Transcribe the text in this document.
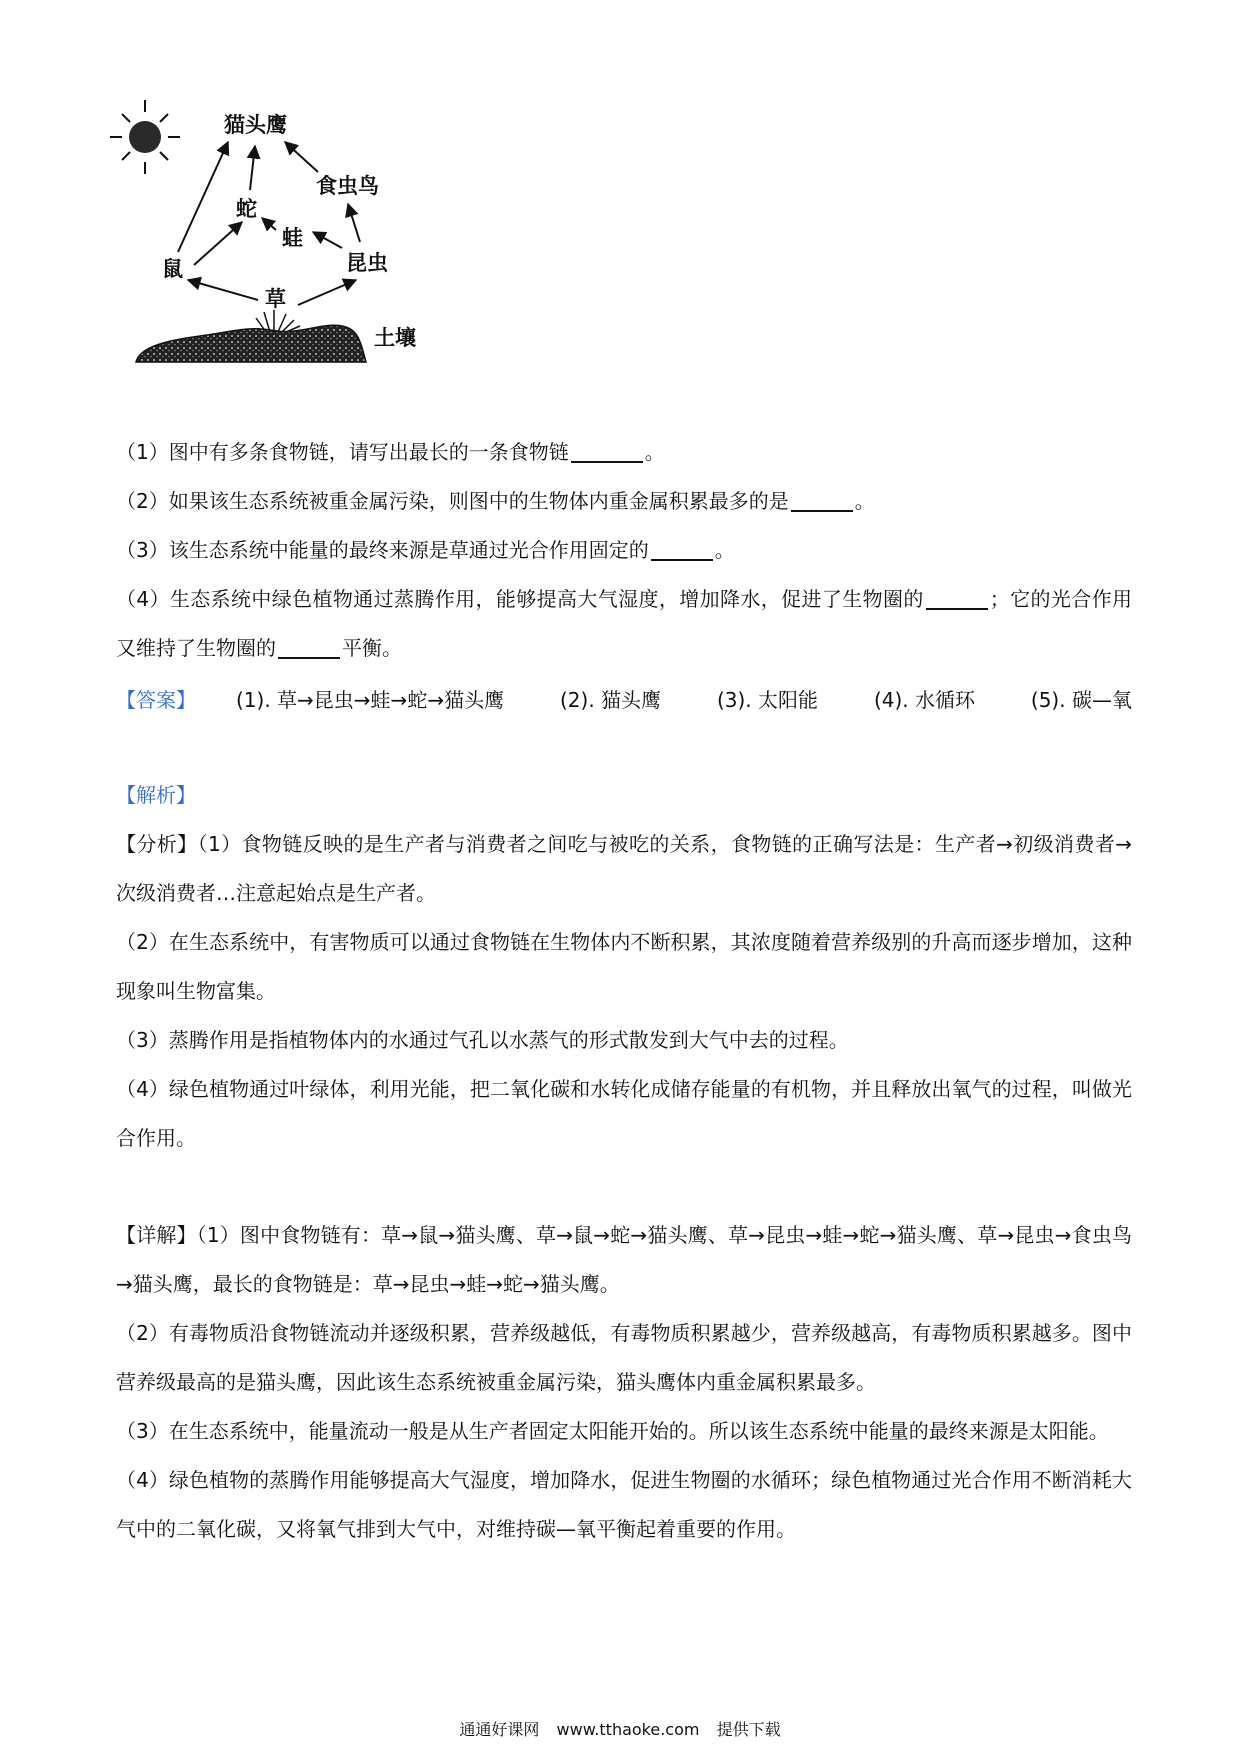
猫头鹰
食虫鸟
蛇
蛙
鼠	昆虫
草
土壤

（1）图中有多条食物链，请写出最长的一条食物链	。

（2）如果该生态系统被重金属污染，则图中的生物体内重金属积累最多的是	。

（3）该生态系统中能量的最终来源是草通过光合作用固定的	。

（4）生态系统中绿色植物通过蒸腾作用，能够提高大气湿度，增加降水，促进了生物圈的	；它的光合作用又维持了生物圈的	平衡。

【答案】	(1). 草→昆虫→蛙→蛇→猫头鹰	(2). 猫头鹰	(3). 太阳能	(4). 水循环	(5). 碳—氧
【解析】

【分析】（1）食物链反映的是生产者与消费者之间吃与被吃的关系，食物链的正确写法是：生产者→初级消费者→次级消费者…注意起始点是生产者。

（2）在生态系统中，有害物质可以通过食物链在生物体内不断积累，其浓度随着营养级别的升高而逐步增加，这种现象叫生物富集。

（3）蒸腾作用是指植物体内的水通过气孔以水蒸气的形式散发到大气中去的过程。

（4）绿色植物通过叶绿体，利用光能，把二氧化碳和水转化成储存能量的有机物，并且释放出氧气的过程，叫做光合作用。

【详解】（1）图中食物链有：草→鼠→猫头鹰、草→鼠→蛇→猫头鹰、草→昆虫→蛙→蛇→猫头鹰、草→昆虫→食虫鸟→猫头鹰，最长的食物链是：草→昆虫→蛙→蛇→猫头鹰。

（2）有毒物质沿食物链流动并逐级积累，营养级越低，有毒物质积累越少，营养级越高，有毒物质积累越多。图中营养级最高的是猫头鹰，因此该生态系统被重金属污染，猫头鹰体内重金属积累最多。

（3）在生态系统中，能量流动一般是从生产者固定太阳能开始的。所以该生态系统中能量的最终来源是太阳能。

（4）绿色植物的蒸腾作用能够提高大气湿度，增加降水，促进生物圈的水循环；绿色植物通过光合作用不断消耗大气中的二氧化碳，又将氧气排到大气中，对维持碳—氧平衡起着重要的作用。

通通好课网 www.tthaoke.com 提供下载
